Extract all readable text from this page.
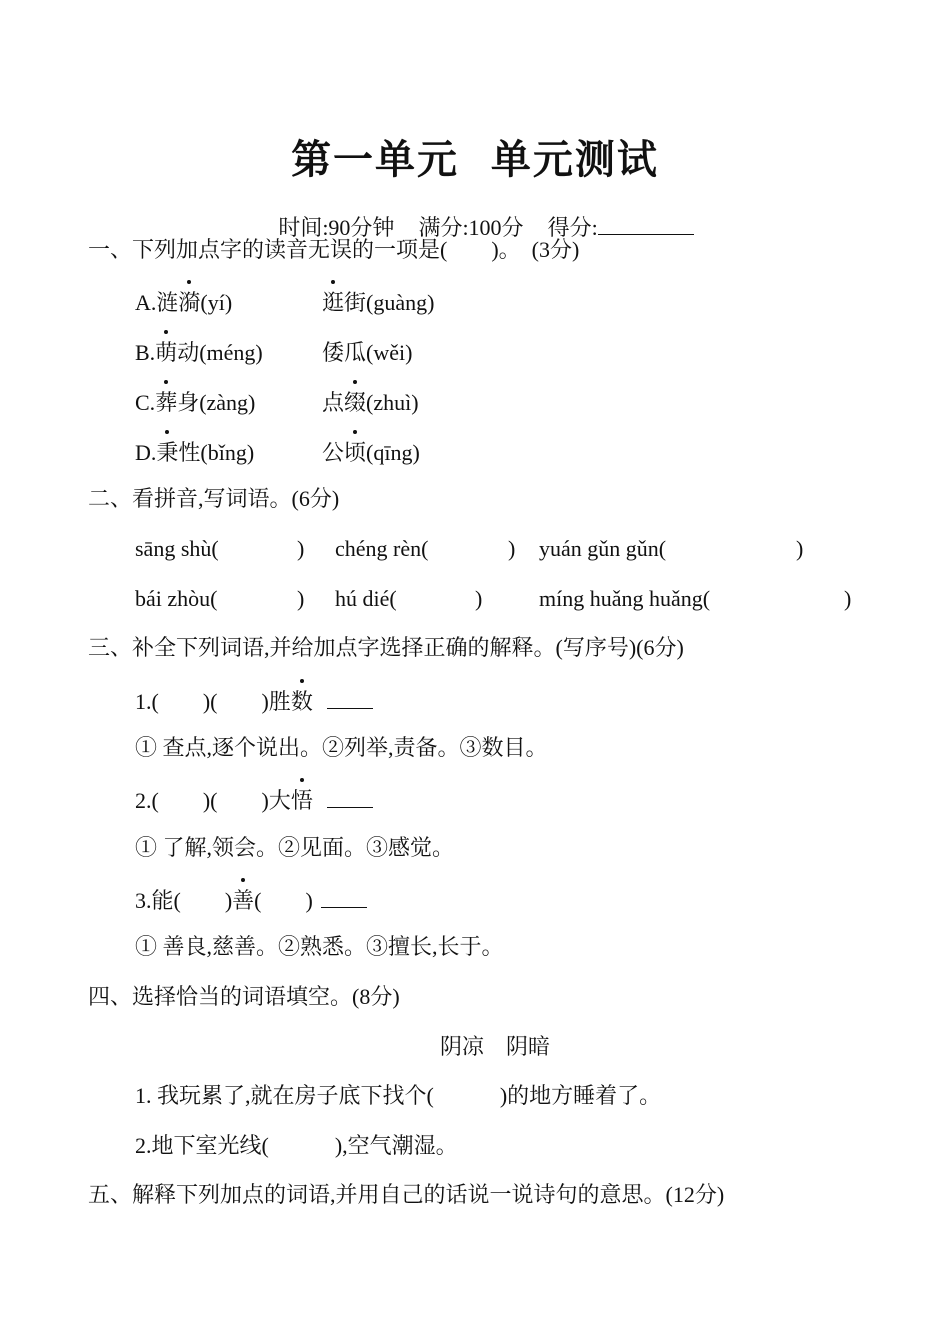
第一单元  单元测试

时间:90分钟 满分:100分 得分:

一、下列加点字的读音无误的一项是(　　)。　(3分)
A.涟漪(yí)	逛街(guàng)
B.萌动(méng)	倭瓜(wěi)
C.葬身(zàng)	点缀(zhuì)
D.秉性(bǐng)	公顷(qīng)
二、看拼音,写词语。(6分)
sāng shù(	) chéng rèn(	) yuán gǔn gǔn(	)
bái zhòu(	) hú dié(	)	míng huǎng huǎng(	)
三、补全下列词语,并给加点字选择正确的解释。(写序号)(6分)
1.(　　)(　　)胜数
① 查点,逐个说出。②列举,责备。③数目。
2.(　　)(　　)大悟
① 了解,领会。②见面。③感觉。
3.能(　　)善(　　)
① 善良,慈善。②熟悉。③擅长,长于。
四、选择恰当的词语填空。(8分)
阴凉　阴暗
1. 我玩累了,就在房子底下找个(　　　)的地方睡着了。
2.地下室光线(　　　),空气潮湿。
五、解释下列加点的词语,并用自己的话说一说诗句的意思。(12分)
